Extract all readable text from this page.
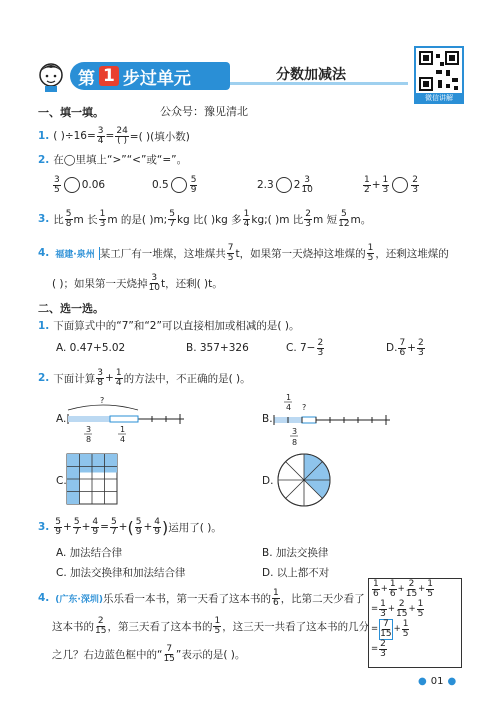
第 1 步过单元	分数加减法
微信讲解
一、填一填。	公众号：豫见清北
1. ( )$\div 16= \frac{3}{4} = \frac{24}{( )}$ =( )(填小数)
2. 在◯里填上“>”“<”或“=”。
$\frac{3}{5} 0.06$	$0.5 \frac{5}{9}$	2.3 $2 \frac{3}{10}$	$\frac{1}{2} + \frac{1}{3} \frac{2}{3}$
3. 比 $\frac{5}{8}$ m 长 $\frac{1}{3}$ m 的是( )m; $\frac{5}{7}$ kg 比( )kg 多 $\frac{1}{4}$ kg;( )m 比 $\frac{2}{3}$ m 短 $\frac{5}{12}$ m。
4. 福建·泉州 某工厂有一堆煤，这堆煤共 $\frac{7}{5}$ t，如果第一天烧掉这堆煤的 $\frac{1}{5}$ ，还剩这堆煤的
( )；如果第一天烧掉 $\frac{3}{10}$ t，还剩( )t。
二、选一选。
1. 下面算式中的“7”和“2”可以直接相加或相减的是( )。
A. 0.47+5.02	B. 357+326	C. $7- \frac{2}{3}$	D. $\frac{7}{6} + \frac{2}{3}$
2. 下面计算 $\frac{3}{8} + \frac{1}{4}$ 的方法中，不正确的是( )。
A.
?
3
8
1
4
B.
1
4 ?
3
8
C.	D.
3. $\frac{5}{9} + \frac{5}{7} + \frac{4}{9} = \frac{5}{7}$ + ( $\frac{5}{9} + \frac{4}{9}$ ) 运用了( )。
A. 加法结合律	B. 加法交换律
C. 加法交换律和加法结合律	D. 以上都不对
4. (广东·深圳) 乐乐看一本书，第一天看了这本书的 $\frac{1}{6}$ ，比第二天少看了
这本书的 $\frac{2}{15}$ ，第三天看了这本书的 $\frac{1}{5}$ ，这三天一共看了这本书的几分
之几？右边蓝色框中的“ $\frac{7}{15}$ ”表示的是( )。
$\frac{1}{6} + \frac{1}{6} + \frac{2}{15} + \frac{1}{5}$
= $\frac{1}{3} + \frac{2}{15} + \frac{1}{5}$
= $\frac{7}{15} + \frac{1}{5}$
= $\frac{2}{3}$
● 01 ●
